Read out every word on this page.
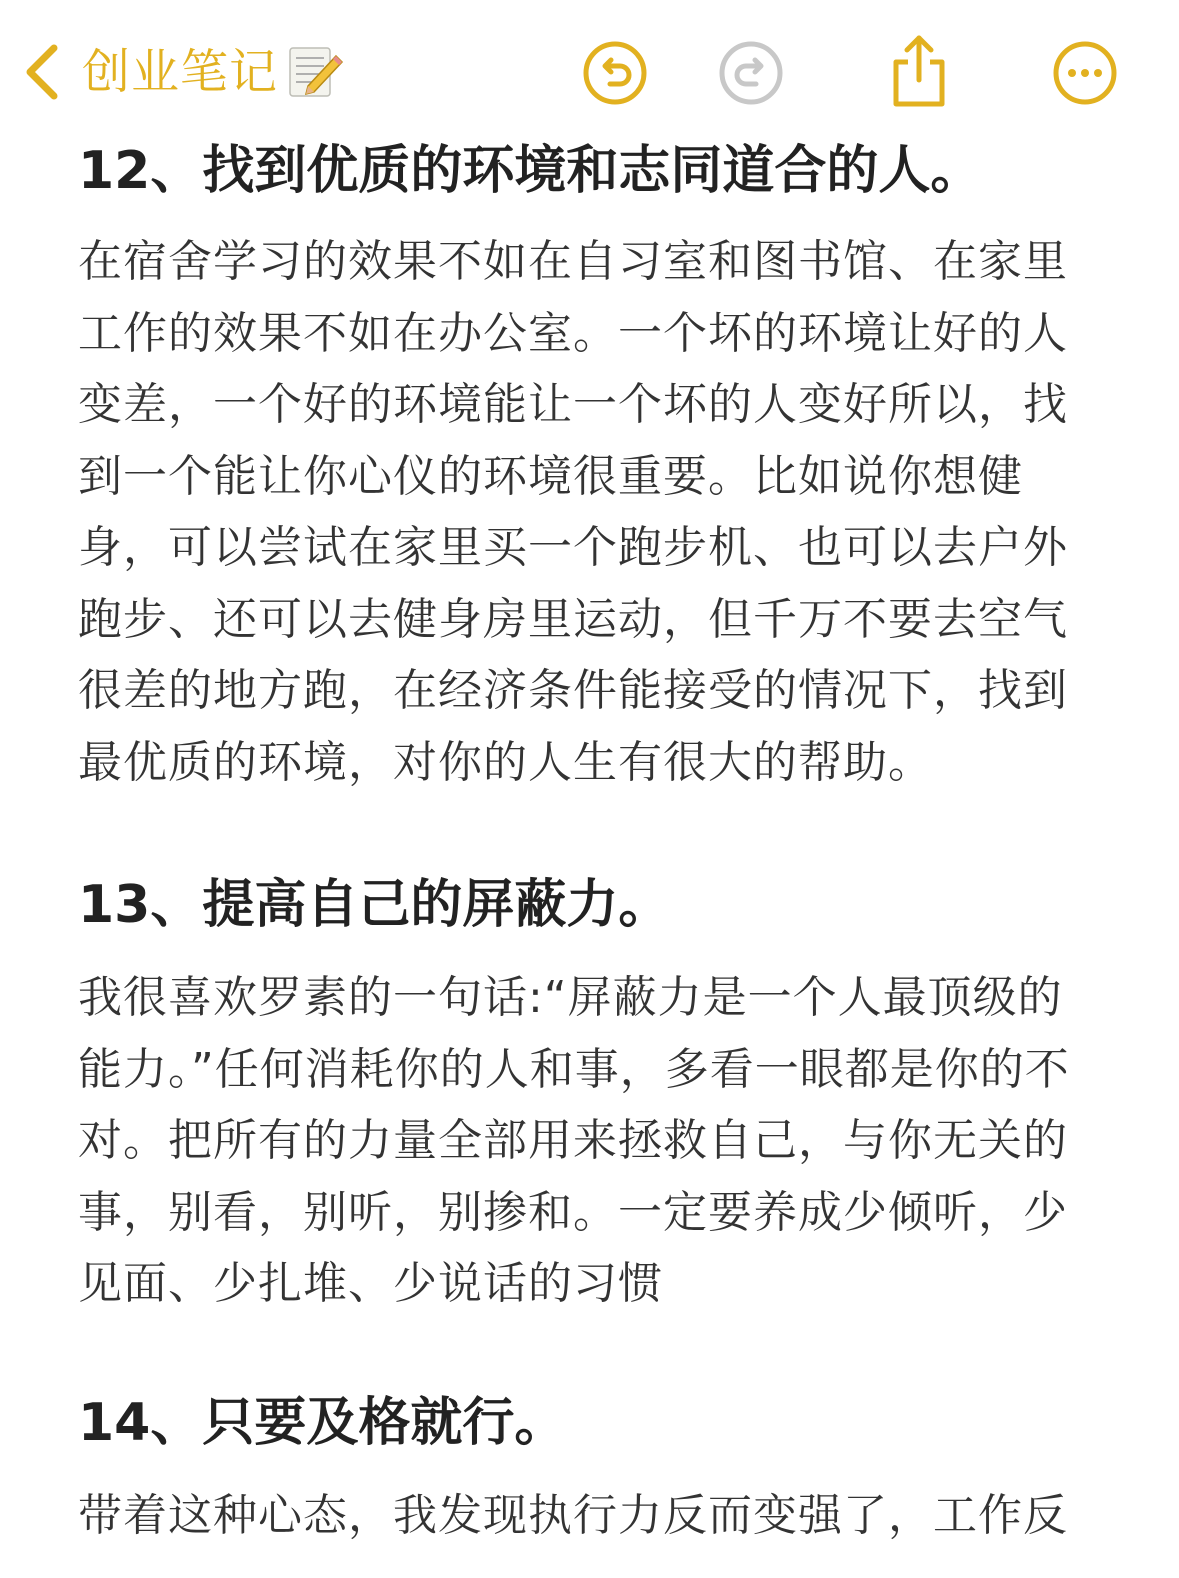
创业笔记
12、找到优质的环境和志同道合的人。

在宿舍学习的效果不如在自习室和图书馆、在家里
工作的效果不如在办公室。一个坏的环境让好的人
变差，一个好的环境能让一个坏的人变好所以，找
到一个能让你心仪的环境很重要。比如说你想健
身，可以尝试在家里买一个跑步机、也可以去户外
跑步、还可以去健身房里运动，但千万不要去空气
很差的地方跑，在经济条件能接受的情况下，找到
最优质的环境，对你的人生有很大的帮助。

13、提高自己的屏蔽力。

我很喜欢罗素的一句话:“屏蔽力是一个人最顶级的
能力。”任何消耗你的人和事，多看一眼都是你的不
对。把所有的力量全部用来拯救自己，与你无关的
事，别看，别听，别掺和。一定要养成少倾听，少
见面、少扎堆、少说话的习惯

14、只要及格就行。

带着这种心态，我发现执行力反而变强了，工作反
